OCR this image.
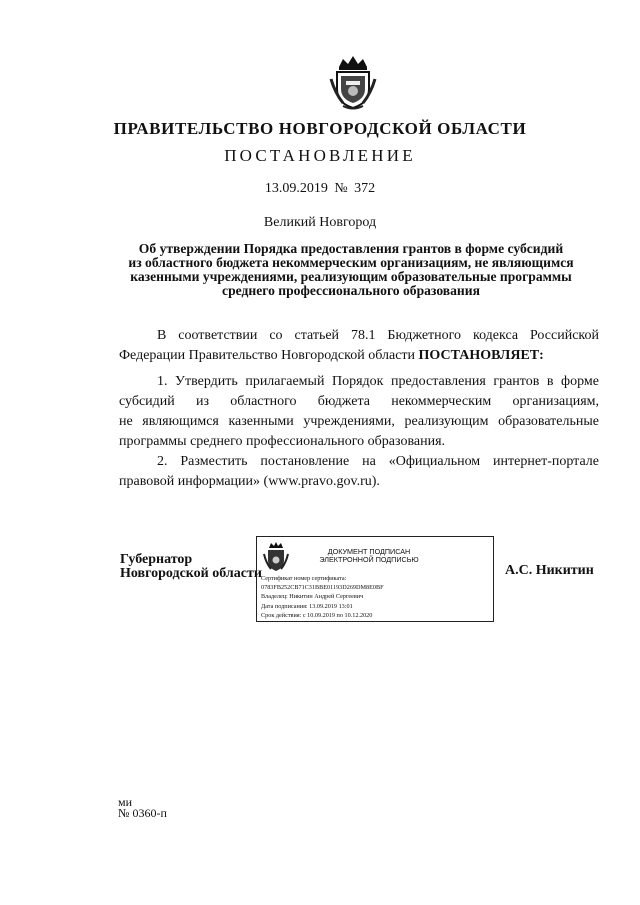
ПРАВИТЕЛЬСТВО НОВГОРОДСКОЙ ОБЛАСТИ
ПОСТАНОВЛЕНИЕ
13.09.2019 № 372
Великий Новгород
Об утверждении Порядка предоставления грантов в форме субсидий
из областного бюджета некоммерческим организациям, не являющимся
казенными учреждениями, реализующим образовательные программы
среднего профессионального образования

В соответствии со статьей 78.1 Бюджетного кодекса Российской Федерации Правительство Новгородской области ПОСТАНОВЛЯЕТ:

1. Утвердить прилагаемый Порядок предоставления грантов в форме
субсидий из областного бюджета некоммерческим организациям,
не являющимся казенными учреждениями, реализующим образовательные программы среднего профессионального образования.

2. Разместить постановление на «Официальном интернет-портале
правовой информации» (www.pravo.gov.ru).

Губернатор
Новгородской области
ДОКУМЕНТ ПОДПИСАН
ЭЛЕКТРОННОЙ ПОДПИСЬЮ
Сертификат номер сертификата:
0783FB252CB71C31BBE01193D269DM8E0BF
Владелец: Никитин Андрей Сергеевич
Дата подписания: 13.09.2019 13:01
Срок действия: с 10.09.2019 по 10.12.2020
А.С. Никитин
ми
№ 0360-п
